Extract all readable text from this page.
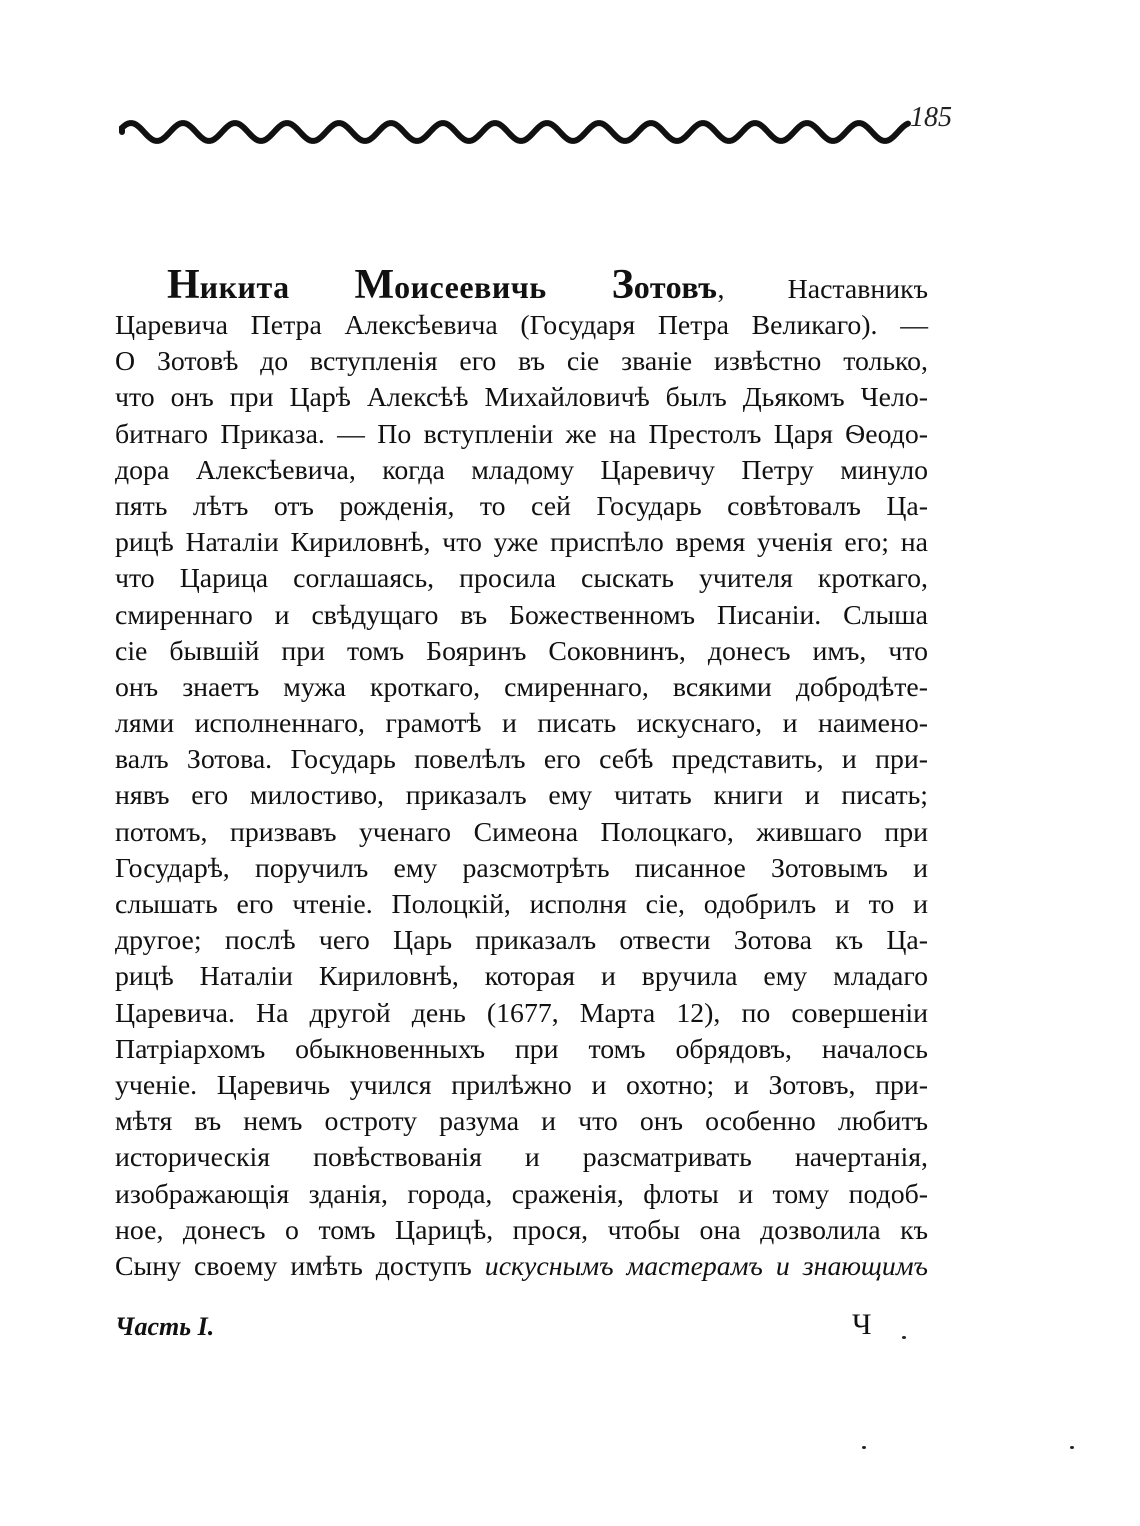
185
Никита Моисеевичь Зотовъ, Наставникъ
Царевича Петра Алексѣевича (Государя Петра Великаго). —
О Зотовѣ до вступленія его въ сіе званіе извѣстно только,
что онъ при Царѣ Алексѣѣ Михайловичѣ былъ Дьякомъ Чело-
битнаго Приказа. — По вступленіи же на Престолъ Царя Ѳеодо-
дора Алексѣевича, когда младому Царевичу Петру минуло
пять лѣтъ отъ рожденія, то сей Государь совѣтовалъ Ца-
рицѣ Наталіи Кириловнѣ, что уже приспѣло время ученія его; на
что Царица соглашаясь, просила сыскать учителя кроткаго,
смиреннаго и свѣдущаго въ Божественномъ Писаніи. Слыша
сіе бывшій при томъ Бояринъ Соковнинъ, донесъ имъ, что
онъ знаетъ мужа кроткаго, смиреннаго, всякими добродѣте-
лями исполненнаго, грамотѣ и писать искуснаго, и наимено-
валъ Зотова. Государь повелѣлъ его себѣ представить, и при-
нявъ его милостиво, приказалъ ему читать книги и писать;
потомъ, призвавъ ученаго Симеона Полоцкаго, жившаго при
Государѣ, поручилъ ему разсмотрѣть писанное Зотовымъ и
слышать его чтеніе. Полоцкій, исполня сіе, одобрилъ и то и
другое; послѣ чего Царь приказалъ отвести Зотова къ Ца-
рицѣ Наталіи Кириловнѣ, которая и вручила ему младаго
Царевича. На другой день (1677, Марта 12), по совершеніи
Патріархомъ обыкновенныхъ при томъ обрядовъ, началось
ученіе. Царевичь учился прилѣжно и охотно; и Зотовъ, при-
мѣтя въ немъ остроту разума и что онъ особенно любитъ
историческія повѣствованія и разсматривать начертанія,
изображающія зданія, города, сраженія, флоты и тому подоб-
ное, донесъ о томъ Царицѣ, прося, чтобы она дозволила къ
Сыну своему имѣть доступъ искуснымъ мастерамъ и знающимъ
Часть I.	Ч
